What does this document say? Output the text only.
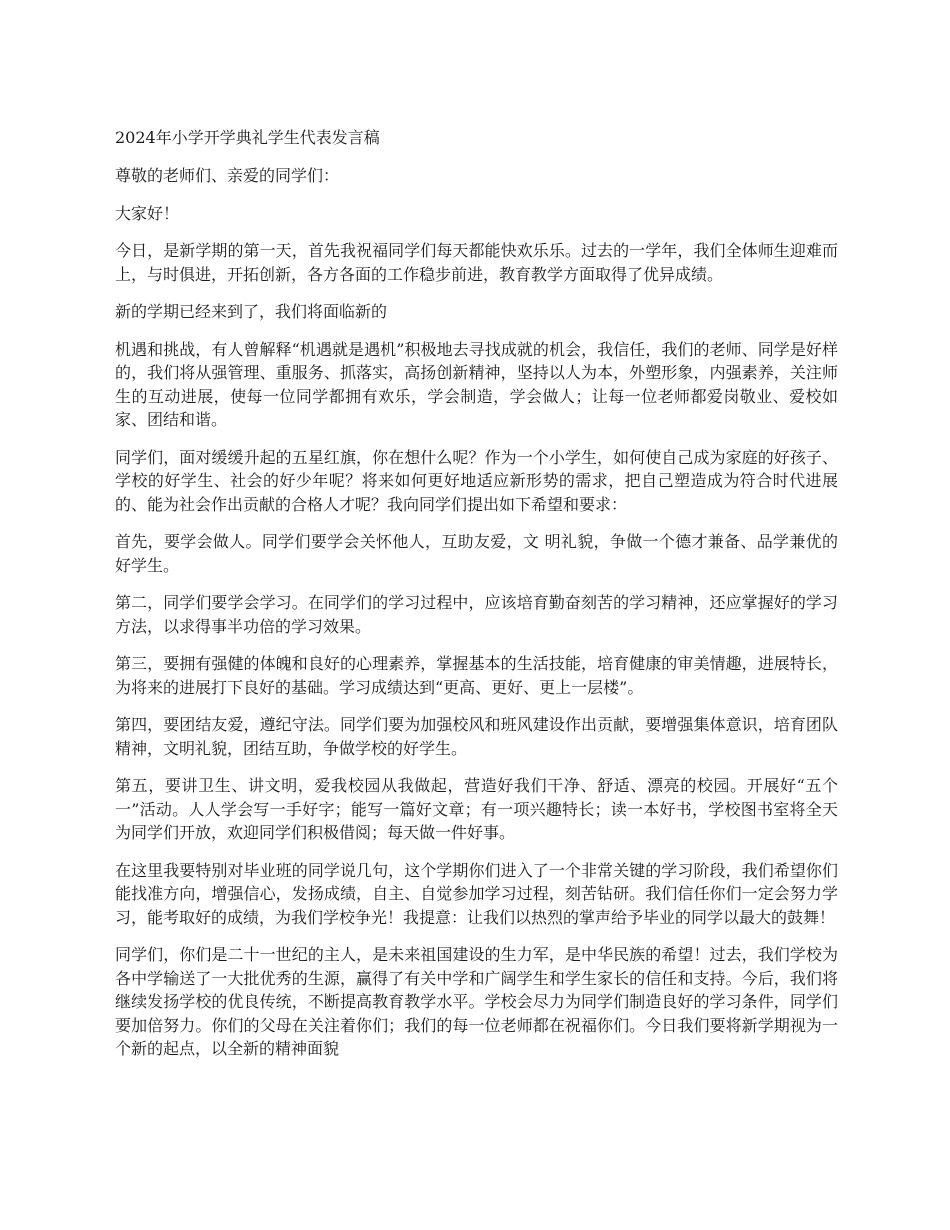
2024年小学开学典礼学生代表发言稿
尊敬的老师们、亲爱的同学们：
大家好！
今日，是新学期的第一天，首先我祝福同学们每天都能快欢乐乐。过去的一学年，我们全体师生迎难而上，与时俱进，开拓创新，各方各面的工作稳步前进，教育教学方面取得了优异成绩。
新的学期已经来到了，我们将面临新的
机遇和挑战，有人曾解释“机遇就是遇机”积极地去寻找成就的机会，我信任，我们的老师、同学是好样的，我们将从强管理、重服务、抓落实，高扬创新精神，坚持以人为本，外塑形象，内强素养，关注师生的互动进展，使每一位同学都拥有欢乐，学会制造，学会做人；让每一位老师都爱岗敬业、爱校如家、团结和谐。
同学们，面对缓缓升起的五星红旗，你在想什么呢？作为一个小学生，如何使自己成为家庭的好孩子、学校的好学生、社会的好少年呢？将来如何更好地适应新形势的需求，把自己塑造成为符合时代进展的、能为社会作出贡献的合格人才呢？我向同学们提出如下希望和要求：
首先，要学会做人。同学们要学会关怀他人，互助友爱，文 明礼貌，争做一个德才兼备、品学兼优的好学生。
第二，同学们要学会学习。在同学们的学习过程中，应该培育勤奋刻苦的学习精神，还应掌握好的学习方法，以求得事半功倍的学习效果。
第三，要拥有强健的体魄和良好的心理素养，掌握基本的生活技能，培育健康的审美情趣，进展特长，为将来的进展打下良好的基础。学习成绩达到“更高、更好、更上一层楼”。
第四，要团结友爱，遵纪守法。同学们要为加强校风和班风建设作出贡献，要增强集体意识，培育团队精神，文明礼貌，团结互助，争做学校的好学生。
第五，要讲卫生、讲文明，爱我校园从我做起，营造好我们干净、舒适、漂亮的校园。开展好“五个一”活动。人人学会写一手好字；能写一篇好文章；有一项兴趣特长；读一本好书，学校图书室将全天为同学们开放，欢迎同学们积极借阅；每天做一件好事。
在这里我要特别对毕业班的同学说几句，这个学期你们进入了一个非常关键的学习阶段，我们希望你们能找准方向，增强信心，发扬成绩，自主、自觉参加学习过程，刻苦钻研。我们信任你们一定会努力学习，能考取好的成绩，为我们学校争光！我提意：让我们以热烈的掌声给予毕业的同学以最大的鼓舞！
同学们，你们是二十一世纪的主人，是未来祖国建设的生力军，是中华民族的希望！过去，我们学校为各中学输送了一大批优秀的生源，赢得了有关中学和广阔学生和学生家长的信任和支持。今后，我们将继续发扬学校的优良传统，不断提高教育教学水平。学校会尽力为同学们制造良好的学习条件，同学们要加倍努力。你们的父母在关注着你们；我们的每一位老师都在祝福你们。今日我们要将新学期视为一个新的起点，以全新的精神面貌
